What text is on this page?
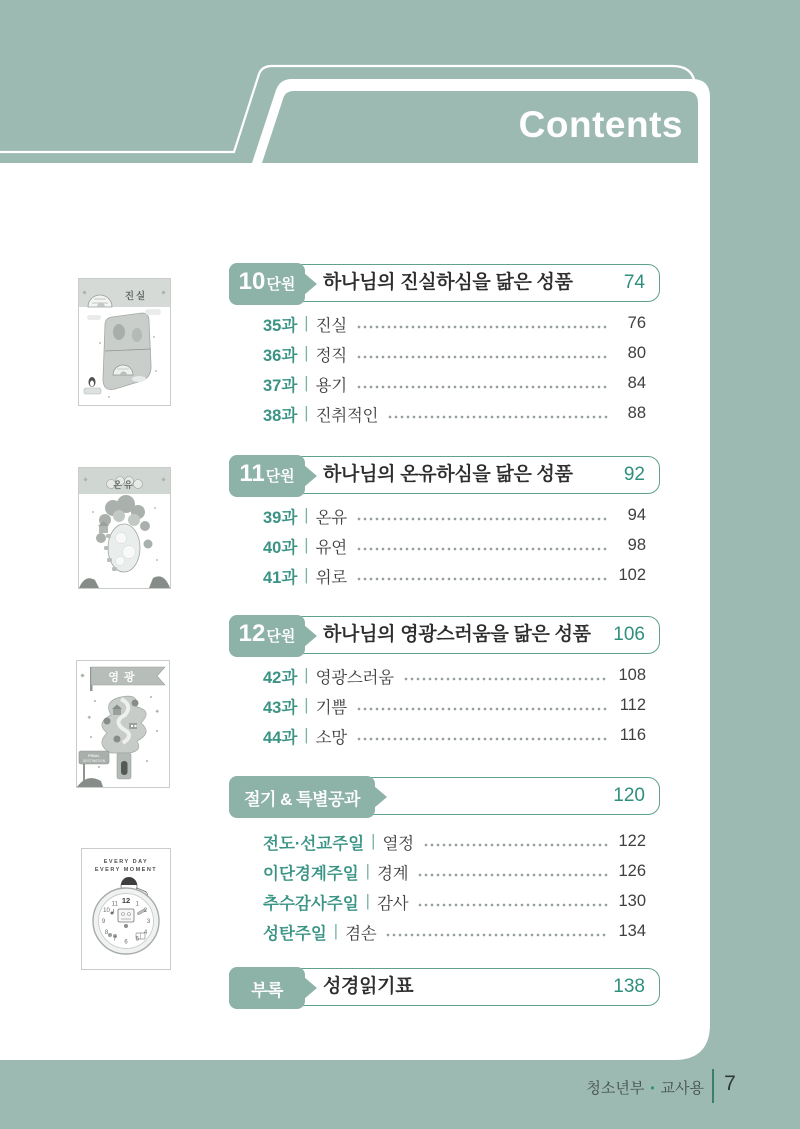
Contents
10 단원 하나님의 진실하심을 닮은 성품	74
35과 | 진실	76
36과 | 정직	80
37과 | 용기	84
38과 | 진취적인	88
11 단원 하나님의 온유하심을 닮은 성품	92
39과 | 온유	94
40과 | 유연	98
41과 | 위로	102
12 단원 하나님의 영광스러움을 닮은 성품 106
42과 | 영광스러움	108
43과 | 기쁨	112
44과 | 소망	116
절기 & 특별공과	120
전도·선교주일 | 열정	122
이단경계주일 | 경계	126
추수감사주일 | 감사	130
성탄주일 | 겸손	134
부록 성경읽기표	138
진실
온유
영광
FINAL
DESTINATION
EVERY DAY
EVERY MOMENT
12 1
2
3
4
5
6
7
8
9
10
11
청소년부 • 교사용 7
